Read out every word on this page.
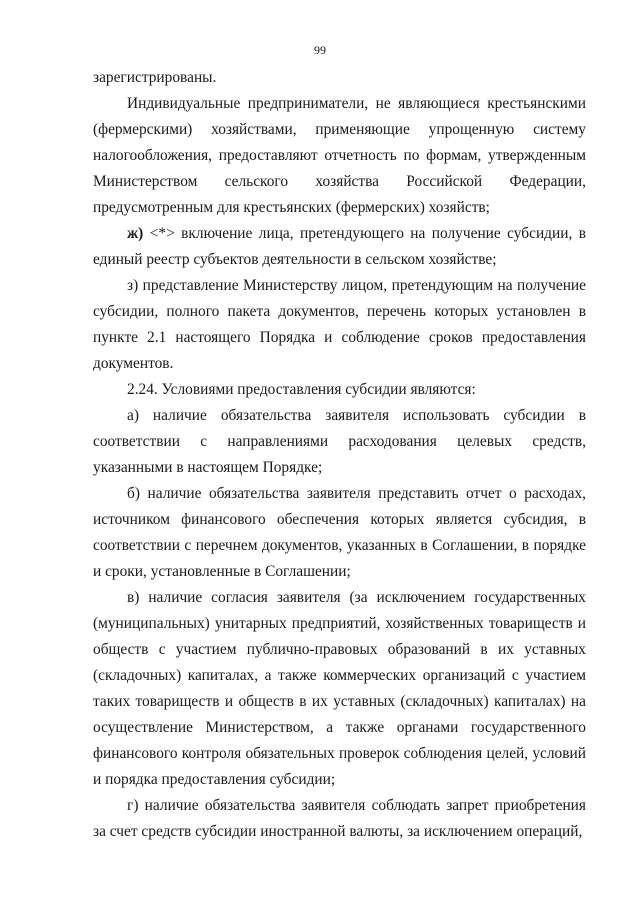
99

зарегистрированы.

Индивидуальные предприниматели, не являющиеся крестьянскими (фермерскими) хозяйствами, применяющие упрощенную систему налогообложения, предоставляют отчетность по формам, утвержденным Министерством сельского хозяйства Российской Федерации, предусмотренным для крестьянских (фермерских) хозяйств;

ж) <*> включение лица, претендующего на получение субсидии, в единый реестр субъектов деятельности в сельском хозяйстве;

з) представление Министерству лицом, претендующим на получение субсидии, полного пакета документов, перечень которых установлен в пункте 2.1 настоящего Порядка и соблюдение сроков предоставления документов.

2.24. Условиями предоставления субсидии являются:

а) наличие обязательства заявителя использовать субсидии в соответствии с направлениями расходования целевых средств, указанными в настоящем Порядке;

б) наличие обязательства заявителя представить отчет о расходах, источником финансового обеспечения которых является субсидия, в соответствии с перечнем документов, указанных в Соглашении, в порядке и сроки, установленные в Соглашении;

в) наличие согласия заявителя (за исключением государственных (муниципальных) унитарных предприятий, хозяйственных товариществ и обществ с участием публично-правовых образований в их уставных (складочных) капиталах, а также коммерческих организаций с участием таких товариществ и обществ в их уставных (складочных) капиталах) на осуществление Министерством, а также органами государственного финансового контроля обязательных проверок соблюдения целей, условий и порядка предоставления субсидии;

г) наличие обязательства заявителя соблюдать запрет приобретения за счет средств субсидии иностранной валюты, за исключением операций,
